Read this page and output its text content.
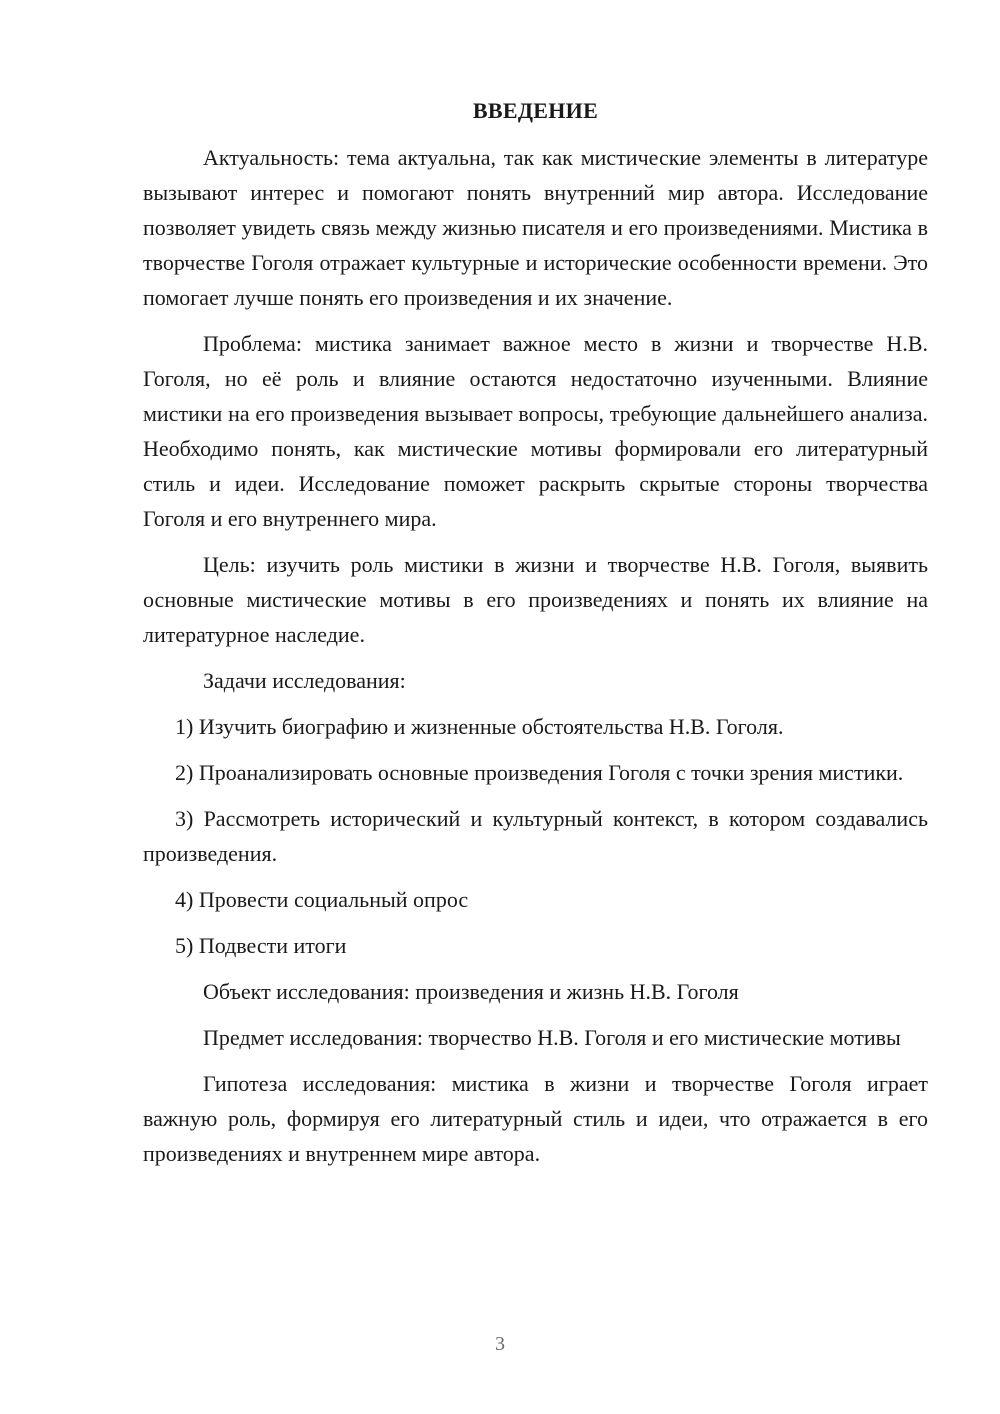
ВВЕДЕНИЕ

Актуальность: тема актуальна, так как мистические элементы в литературе вызывают интерес и помогают понять внутренний мир автора. Исследование позволяет увидеть связь между жизнью писателя и его произведениями. Мистика в творчестве Гоголя отражает культурные и исторические особенности времени. Это помогает лучше понять его произведения и их значение.

Проблема: мистика занимает важное место в жизни и творчестве Н.В. Гоголя, но её роль и влияние остаются недостаточно изученными. Влияние мистики на его произведения вызывает вопросы, требующие дальнейшего анализа. Необходимо понять, как мистические мотивы формировали его литературный стиль и идеи. Исследование поможет раскрыть скрытые стороны творчества Гоголя и его внутреннего мира.

Цель: изучить роль мистики в жизни и творчестве Н.В. Гоголя, выявить основные мистические мотивы в его произведениях и понять их влияние на литературное наследие.

Задачи исследования:

1) Изучить биографию и жизненные обстоятельства Н.В. Гоголя.

2) Проанализировать основные произведения Гоголя с точки зрения мистики.

3) Рассмотреть исторический и культурный контекст, в котором создавались произведения.

4) Провести социальный опрос

5) Подвести итоги

Объект исследования: произведения и жизнь Н.В. Гоголя

Предмет исследования: творчество Н.В. Гоголя и его мистические мотивы

Гипотеза исследования: мистика в жизни и творчестве Гоголя играет важную роль, формируя его литературный стиль и идеи, что отражается в его произведениях и внутреннем мире автора.

3
